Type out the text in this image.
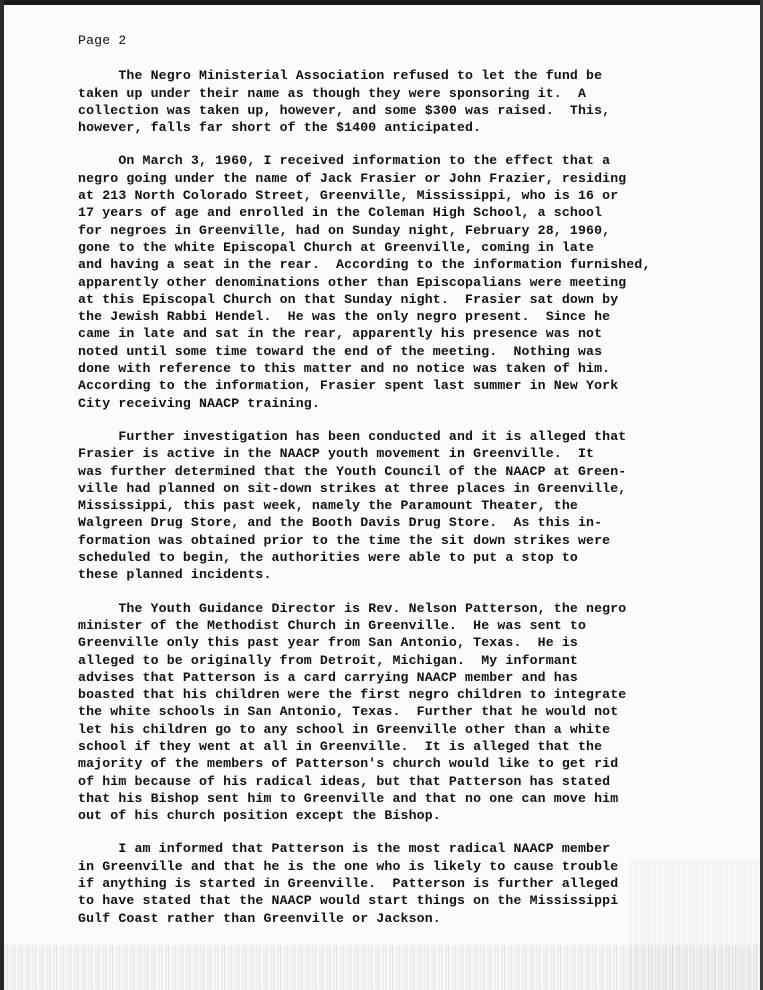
Page 2
The Negro Ministerial Association refused to let the fund be
taken up under their name as though they were sponsoring it.  A
collection was taken up, however, and some $300 was raised.  This,
however, falls far short of the $1400 anticipated.
On March 3, 1960, I received information to the effect that a
negro going under the name of Jack Frasier or John Frazier, residing
at 213 North Colorado Street, Greenville, Mississippi, who is 16 or
17 years of age and enrolled in the Coleman High School, a school
for negroes in Greenville, had on Sunday night, February 28, 1960,
gone to the white Episcopal Church at Greenville, coming in late
and having a seat in the rear.  According to the information furnished,
apparently other denominations other than Episcopalians were meeting
at this Episcopal Church on that Sunday night.  Frasier sat down by
the Jewish Rabbi Hendel.  He was the only negro present.  Since he
came in late and sat in the rear, apparently his presence was not
noted until some time toward the end of the meeting.  Nothing was
done with reference to this matter and no notice was taken of him.
According to the information, Frasier spent last summer in New York
City receiving NAACP training.
Further investigation has been conducted and it is alleged that
Frasier is active in the NAACP youth movement in Greenville.  It
was further determined that the Youth Council of the NAACP at Green-
ville had planned on sit-down strikes at three places in Greenville,
Mississippi, this past week, namely the Paramount Theater, the
Walgreen Drug Store, and the Booth Davis Drug Store.  As this in-
formation was obtained prior to the time the sit down strikes were
scheduled to begin, the authorities were able to put a stop to
these planned incidents.
The Youth Guidance Director is Rev. Nelson Patterson, the negro
minister of the Methodist Church in Greenville.  He was sent to
Greenville only this past year from San Antonio, Texas.  He is
alleged to be originally from Detroit, Michigan.  My informant
advises that Patterson is a card carrying NAACP member and has
boasted that his children were the first negro children to integrate
the white schools in San Antonio, Texas.  Further that he would not
let his children go to any school in Greenville other than a white
school if they went at all in Greenville.  It is alleged that the
majority of the members of Patterson's church would like to get rid
of him because of his radical ideas, but that Patterson has stated
that his Bishop sent him to Greenville and that no one can move him
out of his church position except the Bishop.
I am informed that Patterson is the most radical NAACP member
in Greenville and that he is the one who is likely to cause trouble
if anything is started in Greenville.  Patterson is further alleged
to have stated that the NAACP would start things on the Mississippi
Gulf Coast rather than Greenville or Jackson.
